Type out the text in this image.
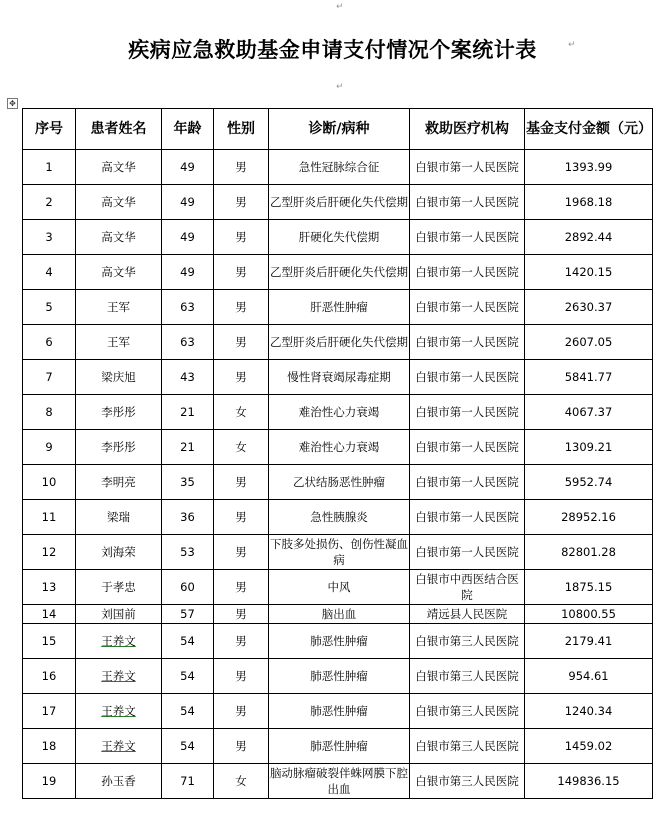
↵
疾病应急救助基金申请支付情况个案统计表	↵
↵
✥
序号	患者姓名	年龄	性别	诊断/病种	救助医疗机构	基金支付金额（元）
1	高文华	49	男	急性冠脉综合征	白银市第一人民医院	1393.99
2	高文华	49	男	乙型肝炎后肝硬化失代偿期	白银市第一人民医院	1968.18
3	高文华	49	男	肝硬化失代偿期	白银市第一人民医院	2892.44
4	高文华	49	男	乙型肝炎后肝硬化失代偿期	白银市第一人民医院	1420.15
5	王军	63	男	肝恶性肿瘤	白银市第一人民医院	2630.37
6	王军	63	男	乙型肝炎后肝硬化失代偿期	白银市第一人民医院	2607.05
7	梁庆旭	43	男	慢性肾衰竭尿毒症期	白银市第一人民医院	5841.77
8	李彤彤	21	女	难治性心力衰竭	白银市第一人民医院	4067.37
9	李彤彤	21	女	难治性心力衰竭	白银市第一人民医院	1309.21
10	李明亮	35	男	乙状结肠恶性肿瘤	白银市第一人民医院	5952.74
11	梁瑞	36	男	急性胰腺炎	白银市第一人民医院	28952.16
12	刘海荣	53	男	下肢多处损伤、创伤性凝血病	白银市第一人民医院	82801.28
13	于孝忠	60	男	中风	白银市中西医结合医院	1875.15
14	刘国前	57	男	脑出血	靖远县人民医院	10800.55
15	王养文	54	男	肺恶性肿瘤	白银市第三人民医院	2179.41
16	王养文	54	男	肺恶性肿瘤	白银市第三人民医院	954.61
17	王养文	54	男	肺恶性肿瘤	白银市第三人民医院	1240.34
18	王养文	54	男	肺恶性肿瘤	白银市第三人民医院	1459.02
19	孙玉香	71	女	脑动脉瘤破裂伴蛛网膜下腔出血	白银市第三人民医院	149836.15
